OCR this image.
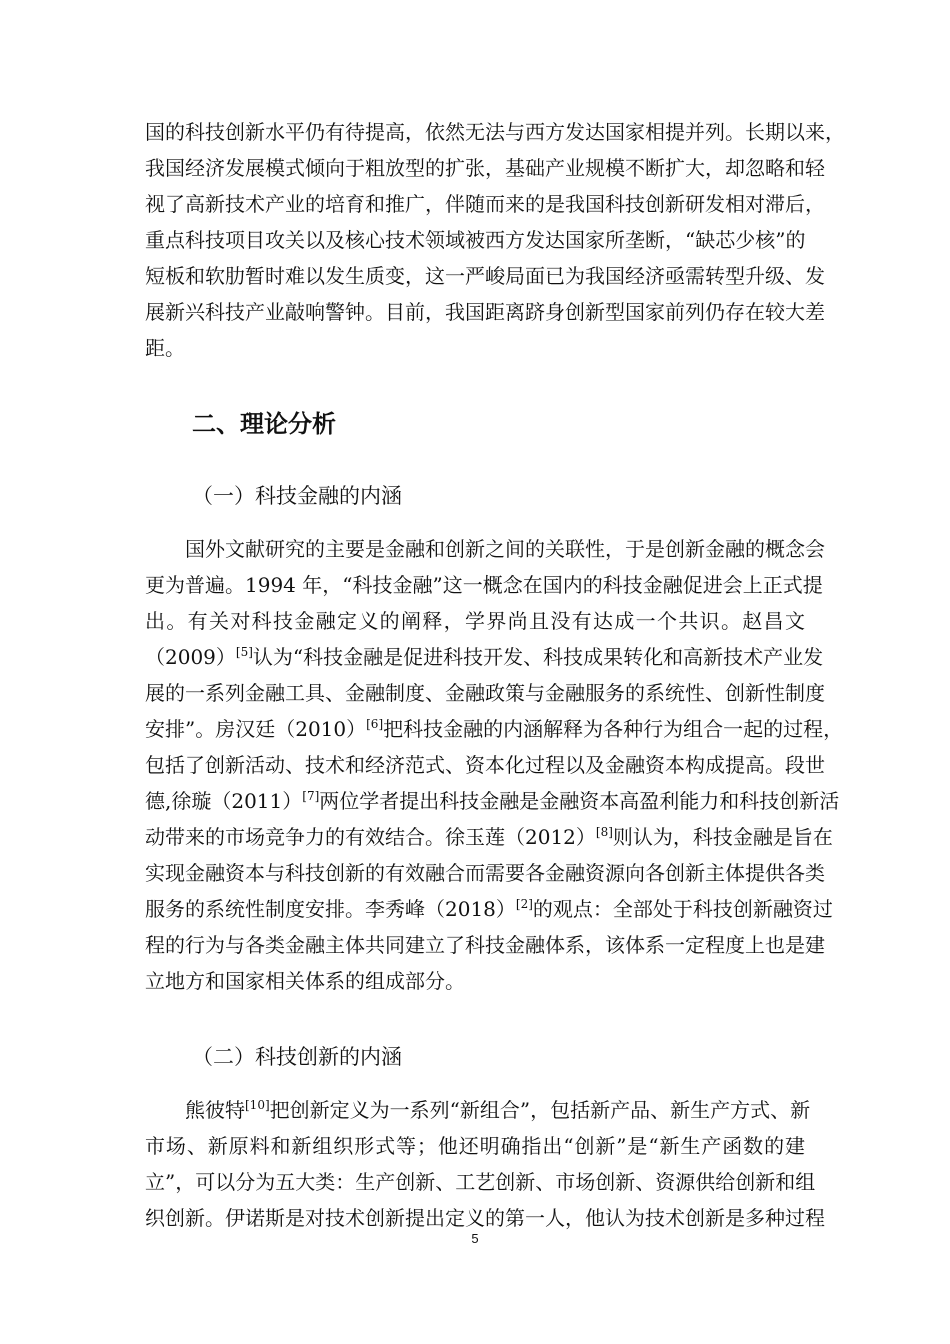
国的科技创新水平仍有待提高，依然无法与西方发达国家相提并列。长期以来，
我国经济发展模式倾向于粗放型的扩张，基础产业规模不断扩大，却忽略和轻
视了高新技术产业的培育和推广，伴随而来的是我国科技创新研发相对滞后，
重点科技项目攻关以及核心技术领域被西方发达国家所垄断，“缺芯少核”的
短板和软肋暂时难以发生质变，这一严峻局面已为我国经济亟需转型升级、发
展新兴科技产业敲响警钟。目前，我国距离跻身创新型国家前列仍存在较大差
距。
二、理论分析
（一）科技金融的内涵
国外文献研究的主要是金融和创新之间的关联性，于是创新金融的概念会
更为普遍。1994 年，“科技金融”这一概念在国内的科技金融促进会上正式提
出。有关对科技金融定义的阐释，学界尚且没有达成一个共识。赵昌文
（2009）[5]认为“科技金融是促进科技开发、科技成果转化和高新技术产业发
展的一系列金融工具、金融制度、金融政策与金融服务的系统性、创新性制度
安排”。房汉廷（2010）[6]把科技金融的内涵解释为各种行为组合一起的过程，
包括了创新活动、技术和经济范式、资本化过程以及金融资本构成提高。段世
德,徐璇（2011）[7]两位学者提出科技金融是金融资本高盈利能力和科技创新活
动带来的市场竞争力的有效结合。徐玉莲（2012）[8]则认为，科技金融是旨在
实现金融资本与科技创新的有效融合而需要各金融资源向各创新主体提供各类
服务的系统性制度安排。李秀峰（2018）[2]的观点：全部处于科技创新融资过
程的行为与各类金融主体共同建立了科技金融体系，该体系一定程度上也是建
立地方和国家相关体系的组成部分。
（二）科技创新的内涵
熊彼特[10]把创新定义为一系列“新组合”，包括新产品、新生产方式、新
市场、新原料和新组织形式等；他还明确指出“创新”是“新生产函数的建
立”，可以分为五大类：生产创新、工艺创新、市场创新、资源供给创新和组
织创新。伊诺斯是对技术创新提出定义的第一人，他认为技术创新是多种过程
5
